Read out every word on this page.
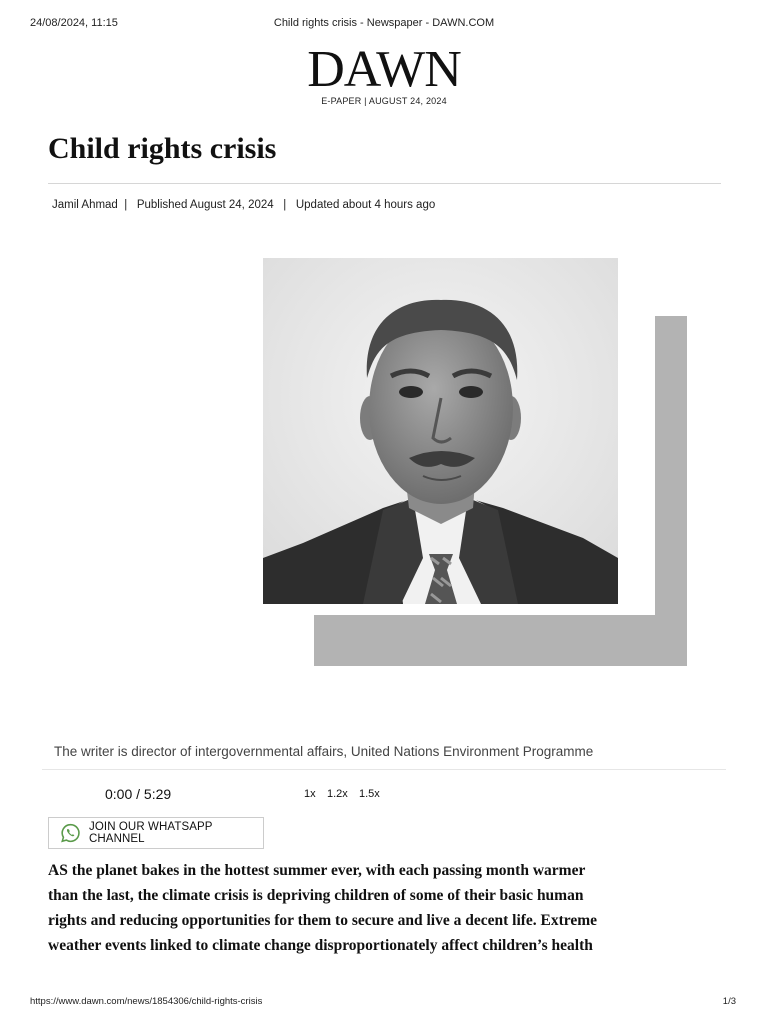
24/08/2024, 11:15	Child rights crisis - Newspaper - DAWN.COM
DAWN
E-PAPER | AUGUST 24, 2024
Child rights crisis
Jamil Ahmad
|
Published August 24, 2024
|
Updated about 4 hours ago
The writer is director of intergovernmental affairs, United Nations Environment Programme
0:00 / 5:29	1x 1.2x 1.5x
JOIN OUR WHATSAPP CHANNEL
AS the planet bakes in the hottest summer ever, with each passing month warmer
than the last, the climate crisis is depriving children of some of their basic human
rights and reducing opportunities for them to secure and live a decent life. Extreme
weather events linked to climate change disproportionately affect children’s health
https://www.dawn.com/news/1854306/child-rights-crisis	1/3
